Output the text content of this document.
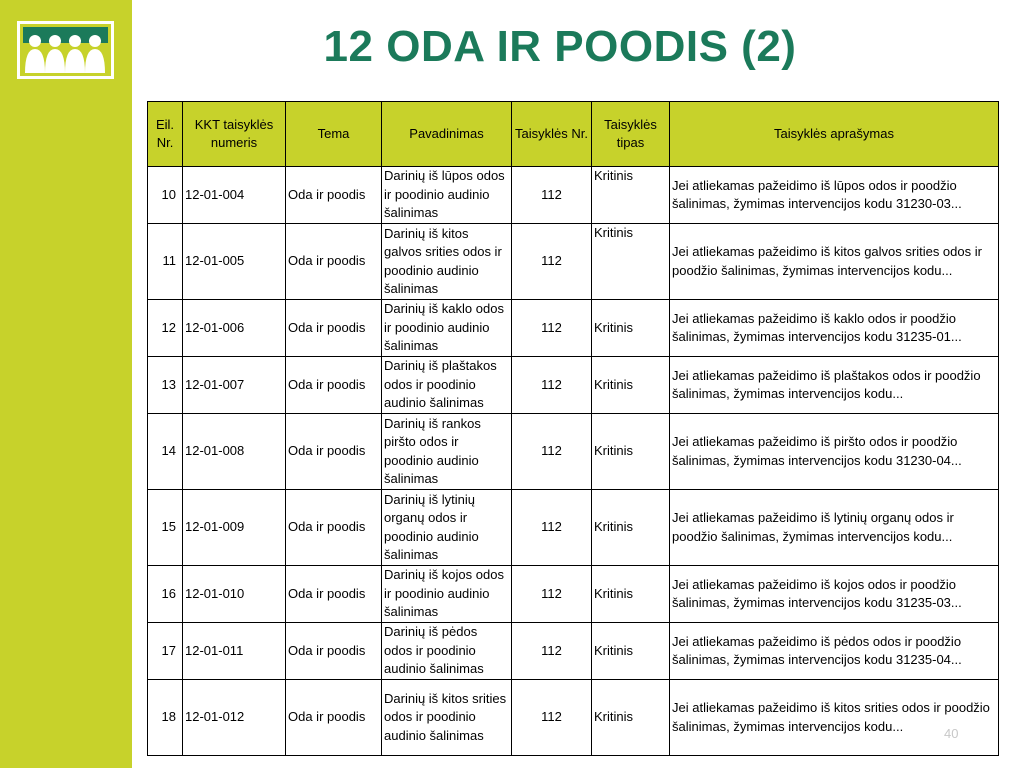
12 ODA IR POODIS (2)
Eil. Nr.	KKT taisyklės numeris	Tema	Pavadinimas	Taisyklės Nr.	Taisyklės tipas	Taisyklės aprašymas
10	12-01-004	Oda ir poodis	Darinių iš lūpos odos ir poodinio audinio šalinimas	112	Kritinis	Jei atliekamas pažeidimo iš lūpos odos ir poodžio šalinimas, žymimas intervencijos kodu 31230-03...
11	12-01-005	Oda ir poodis	Darinių iš kitos galvos srities odos ir poodinio audinio šalinimas	112	Kritinis	Jei atliekamas pažeidimo iš kitos galvos srities odos ir poodžio šalinimas, žymimas intervencijos kodu...
12	12-01-006	Oda ir poodis	Darinių iš kaklo odos ir poodinio audinio šalinimas	112	Kritinis	Jei atliekamas pažeidimo iš kaklo odos ir poodžio šalinimas, žymimas intervencijos kodu 31235-01...
13	12-01-007	Oda ir poodis	Darinių iš plaštakos odos ir poodinio audinio šalinimas	112	Kritinis	Jei atliekamas pažeidimo iš plaštakos odos ir poodžio šalinimas, žymimas intervencijos kodu...
14	12-01-008	Oda ir poodis	Darinių iš rankos piršto odos ir poodinio audinio šalinimas	112	Kritinis	Jei atliekamas pažeidimo iš piršto odos ir poodžio šalinimas, žymimas intervencijos kodu 31230-04...
15	12-01-009	Oda ir poodis	Darinių iš lytinių organų odos ir poodinio audinio šalinimas	112	Kritinis	Jei atliekamas pažeidimo iš lytinių organų odos ir poodžio šalinimas, žymimas intervencijos kodu...
16	12-01-010	Oda ir poodis	Darinių iš kojos odos ir poodinio audinio šalinimas	112	Kritinis	Jei atliekamas pažeidimo iš kojos odos ir poodžio šalinimas, žymimas intervencijos kodu 31235-03...
17	12-01-011	Oda ir poodis	Darinių iš pėdos odos ir poodinio audinio šalinimas	112	Kritinis	Jei atliekamas pažeidimo iš pėdos odos ir poodžio šalinimas, žymimas intervencijos kodu 31235-04...
18	12-01-012	Oda ir poodis	Darinių iš kitos srities odos ir poodinio audinio šalinimas	112	Kritinis	Jei atliekamas pažeidimo iš kitos srities odos ir poodžio šalinimas, žymimas intervencijos kodu...	40
